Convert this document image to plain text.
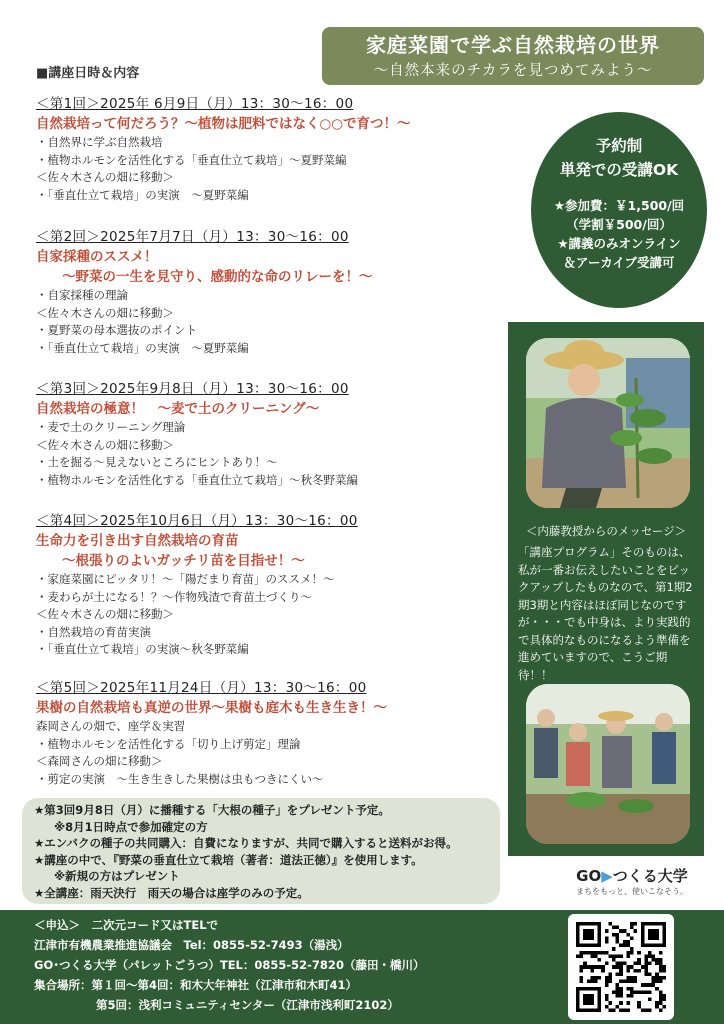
家庭菜園で学ぶ自然栽培の世界
～自然本来のチカラを見つめてみよう～
■講座日時＆内容
＜第1回＞2025年 6月9日（月）13：30～16：00
自然栽培って何だろう？～植物は肥料ではなく○○で育つ！～
・自然界に学ぶ自然栽培
・植物ホルモンを活性化する「垂直仕立て栽培」～夏野菜編
＜佐々木さんの畑に移動＞
・「垂直仕立て栽培」の実演　～夏野菜編
＜第2回＞2025年7月7日（月）13：30～16：00
自家採種のススメ！
～野菜の一生を見守り、感動的な命のリレーを！～
・自家採種の理論
＜佐々木さんの畑に移動＞
・夏野菜の母本選抜のポイント
・「垂直仕立て栽培」の実演　～夏野菜編
＜第3回＞2025年9月8日（月）13：30～16：00
自然栽培の極意！　～麦で土のクリーニング～
・麦で土のクリーニング理論
＜佐々木さんの畑に移動＞
・土を掘る～見えないところにヒントあり！～
・植物ホルモンを活性化する「垂直仕立て栽培」～秋冬野菜編
＜第4回＞2025年10月6日（月）13：30～16：00
生命力を引き出す自然栽培の育苗
～根張りのよいガッチリ苗を目指せ！～
・家庭菜園にピッタリ！～「陽だまり育苗」のススメ！～
・麦わらが土になる！？～作物残渣で育苗土づくり～
＜佐々木さんの畑に移動＞
・自然栽培の育苗実演
・「垂直仕立て栽培」の実演～秋冬野菜編
＜第5回＞2025年11月24日（月）13：30～16：00
果樹の自然栽培も真逆の世界～果樹も庭木も生き生き！～
森岡さんの畑で、座学＆実習
・植物ホルモンを活性化する「切り上げ剪定」理論
＜森岡さんの畑に移動＞
・剪定の実演　～生き生きした果樹は虫もつきにくい～
予約制
単発での受講OK
★参加費：￥1,500/回
（学割￥500/回）
★講義のみオンライン
＆アーカイブ受講可
＜内藤教授からのメッセージ＞
「講座プログラム」そのものは、私が一番お伝えしたいことをピックアップしたものなので、第1期2期3期と内容はほぼ同じなのですが・・・でも中身は、より実践的で具体的なものになるよう準備を進めていますので、こうご期待！！
★第3回9月8日（月）に播種する「大根の種子」をプレゼント予定。
※8月1日時点で参加確定の方
★エンバクの種子の共同購入：自費になりますが、共同で購入すると送料がお得。
★講座の中で、『野菜の垂直仕立て栽培（著者：道法正徳）』を使用します。
※新規の方はプレゼント
★全講座：雨天決行　雨天の場合は座学のみの予定。
GO▶つくる大学
まちをもっと、使いこなそう。
＜申込＞　二次元コード又はTELで
江津市有機農業推進協議会　Tel：0855-52-7493（湯浅）
GO･つくる大学（パレットごうつ）TEL：0855-52-7820（藤田・橋川）
集合場所：第１回～第4回：和木大年神社（江津市和木町41）
第5回：浅利コミュニティセンター（江津市浅利町2102）
